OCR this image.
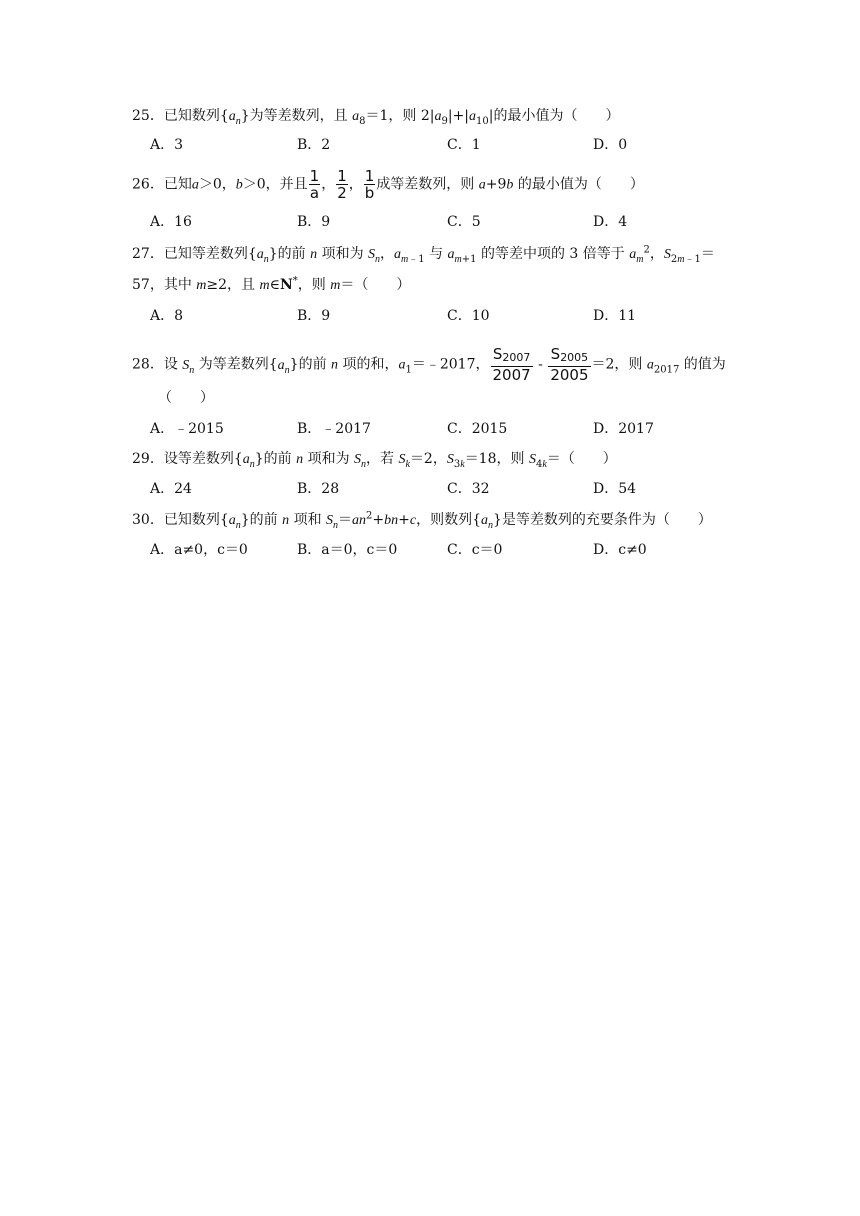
25．已知数列$\{a_n\}$为等差数列，且 $a_8=1$，则 $2|a_9|+|a_{10}|$的最小值为（　　）
A．3	B．2	C．1	D．0
26．已知a＞0，b＞0，并且 $\frac{1}{a}$ ， $\frac{1}{2}$ ， $\frac{1}{b}$ 成等差数列，则 a+9b 的最小值为（　　）
A．16	B．9	C．5	D．4
27．已知等差数列$\{a_n\}$的前 n 项和为 $S_n$，$a_{m﹣1}$ 与 $a_{m+1}$ 的等差中项的 3 倍等于 $a_m^2$，$S_{2m﹣1}=$
57，其中 m≥2，且 m∈N*，则 m＝（　　）
A．8	B．9	C．10	D．11
28．设 $S_n$ 为等差数列$\{a_n\}$的前 n 项的和，$a_1=﹣2017$， $\frac{S2007}{2007} - \frac{S2005}{2005} =2$，则 $a_{2017}$ 的值为
（　　）
A．﹣2015	B．﹣2017	C．2015	D．2017
29．设等差数列$\{a_n\}$的前 n 项和为 $S_n$，若 $S_k=2$，$S_{3k}=18$，则 $S_{4k}=$（　　）
A．24	B．28	C．32	D．54
30．已知数列$\{a_n\}$的前 n 项和 $S_n=an^2+bn+c$，则数列$\{a_n\}$是等差数列的充要条件为（　　）
A．a≠0，c＝0	B．a＝0，c＝0	C．c＝0	D．c≠0
